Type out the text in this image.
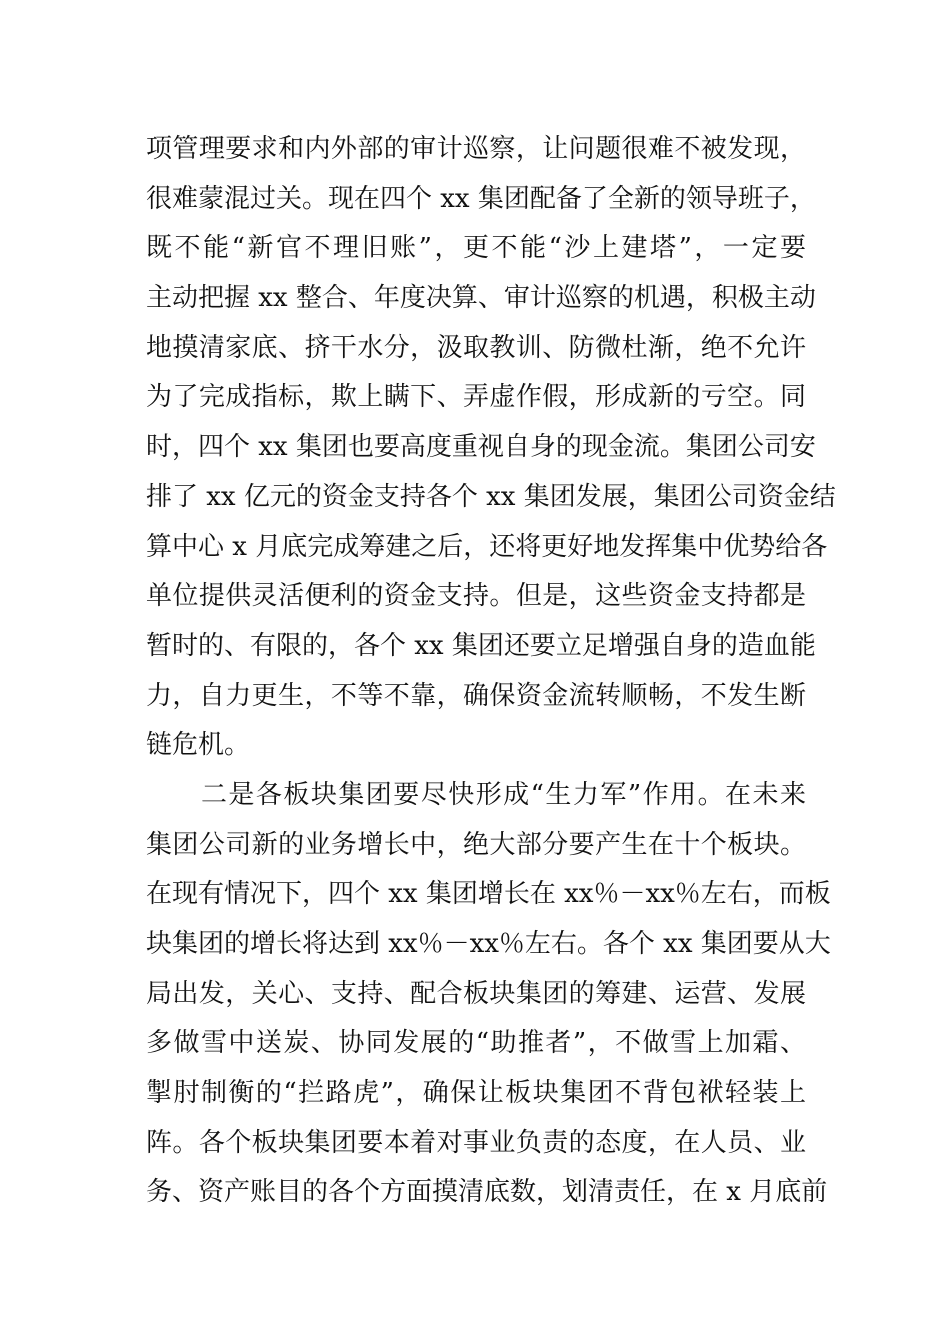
项管理要求和内外部的审计巡察，让问题很难不被发现，
很难蒙混过关。现在四个 xx 集团配备了全新的领导班子，
既不能“新官不理旧账”，更不能“沙上建塔”，一定要
主动把握 xx 整合、年度决算、审计巡察的机遇，积极主动
地摸清家底、挤干水分，汲取教训、防微杜渐，绝不允许
为了完成指标，欺上瞒下、弄虚作假，形成新的亏空。同
时，四个 xx 集团也要高度重视自身的现金流。集团公司安
排了 xx 亿元的资金支持各个 xx 集团发展，集团公司资金结
算中心 x 月底完成筹建之后，还将更好地发挥集中优势给各
单位提供灵活便利的资金支持。但是，这些资金支持都是
暂时的、有限的，各个 xx 集团还要立足增强自身的造血能
力，自力更生，不等不靠，确保资金流转顺畅，不发生断
链危机。
　　二是各板块集团要尽快形成“生力军”作用。在未来
集团公司新的业务增长中，绝大部分要产生在十个板块。
在现有情况下，四个 xx 集团增长在 xx％－xx％左右，而板
块集团的增长将达到 xx％－xx％左右。各个 xx 集团要从大
局出发，关心、支持、配合板块集团的筹建、运营、发展
多做雪中送炭、协同发展的“助推者”，不做雪上加霜、
掣肘制衡的“拦路虎”，确保让板块集团不背包袱轻装上
阵。各个板块集团要本着对事业负责的态度，在人员、业
务、资产账目的各个方面摸清底数，划清责任，在 x 月底前
